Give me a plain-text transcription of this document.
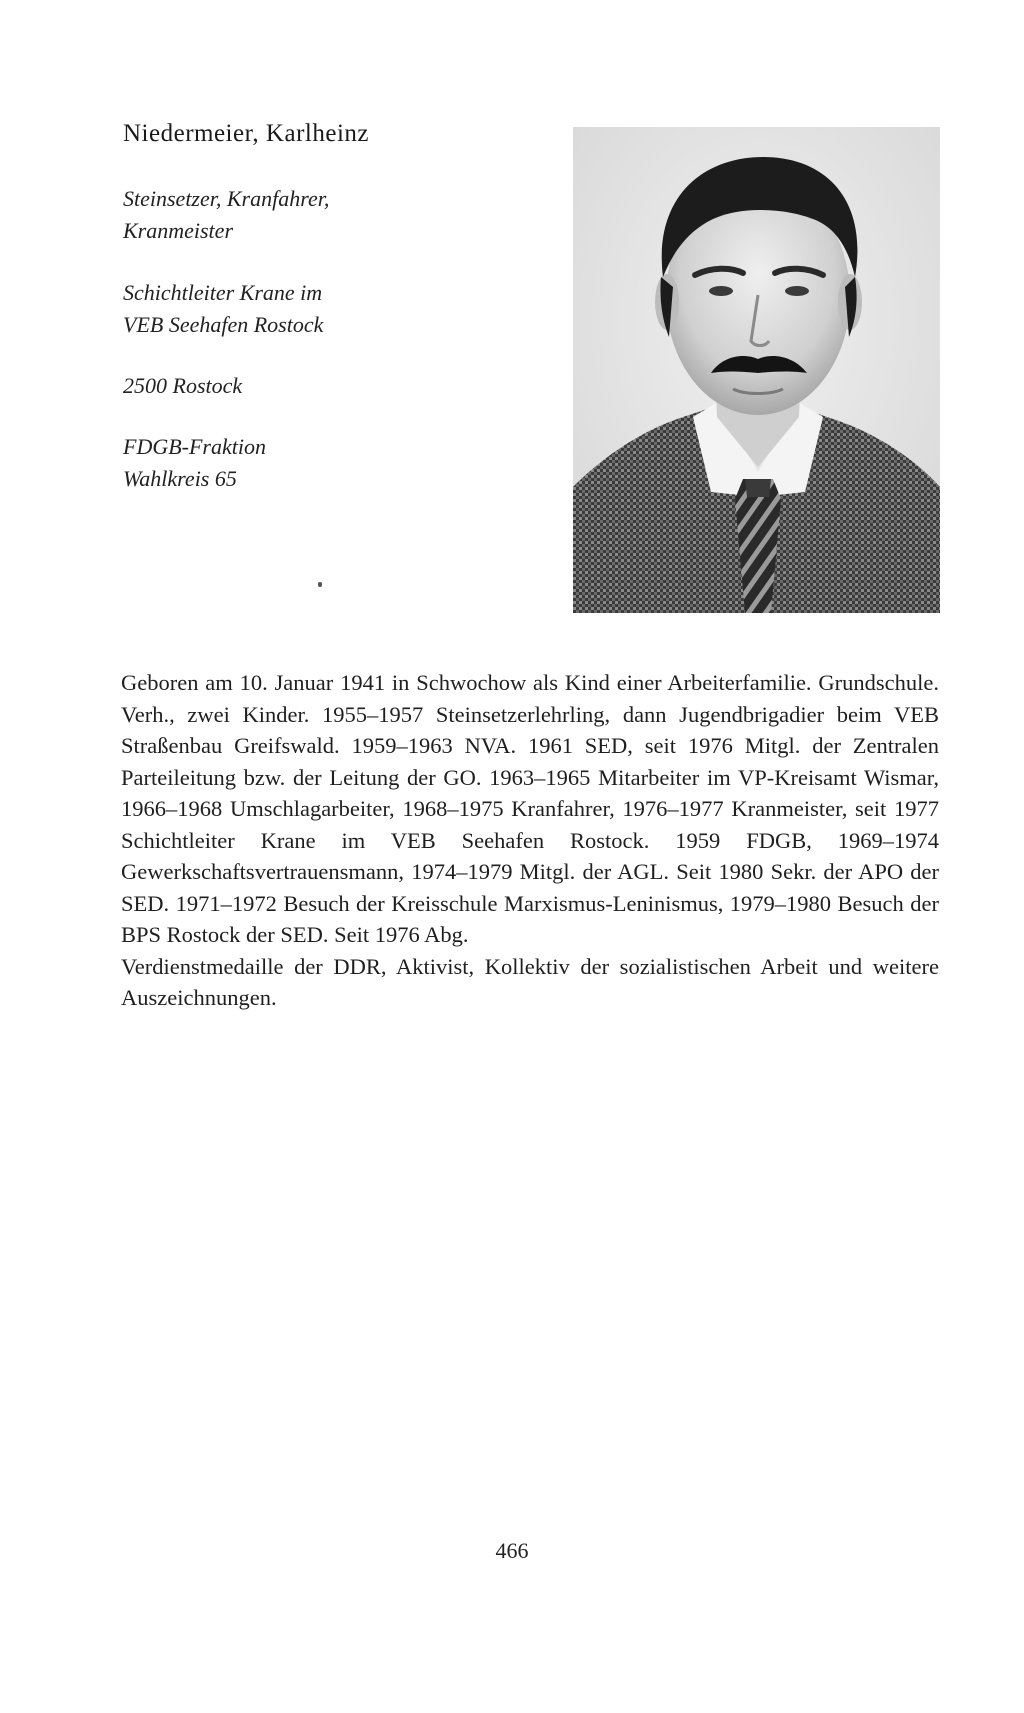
Niedermeier, Karlheinz
Steinsetzer, Kranfahrer,
Kranmeister
Schichtleiter Krane im
VEB Seehafen Rostock
2500 Rostock
FDGB-Fraktion
Wahlkreis 65

Geboren am 10. Januar 1941 in Schwochow als Kind einer Arbeiterfamilie. Grundschule. Verh., zwei Kinder. 1955–1957 Steinsetzerlehrling, dann Jugendbrigadier beim VEB Straßenbau Greifswald. 1959–1963 NVA. 1961 SED, seit 1976 Mitgl. der Zentralen Parteileitung bzw. der Leitung der GO. 1963–1965 Mitarbeiter im VP-Kreisamt Wismar, 1966–1968 Umschlagarbeiter, 1968–1975 Kranfahrer, 1976–1977 Kranmeister, seit 1977 Schichtleiter Krane im VEB Seehafen Rostock. 1959 FDGB, 1969–1974 Gewerkschaftsvertrauensmann, 1974–1979 Mitgl. der AGL. Seit 1980 Sekr. der APO der SED. 1971–1972 Besuch der Kreisschule Marxismus-Leninismus, 1979–1980 Besuch der BPS Rostock der SED. Seit 1976 Abg.

Verdienstmedaille der DDR, Aktivist, Kollektiv der sozialistischen Arbeit und weitere Auszeichnungen.

466
